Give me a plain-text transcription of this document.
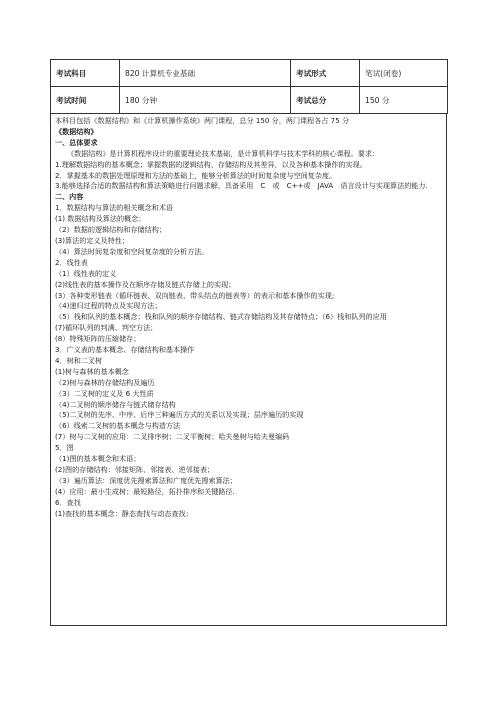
考试科目	820 计算机专业基础	考试形式	笔试(闭卷)
考试时间	180 分钟	考试总分	150 分
本科目包括《数据结构》和《计算机操作系统》两门课程，总分 150 分，两门课程各占 75 分
《数据结构》
一、总体要求
《数据结构》是计算机程序设计的重要理论技术基础，是计算机科学与技术学科的核心课程。要求：
1.理解数据结构的基本概念；掌握数据的逻辑结构、存储结构及其差异，以及各种基本操作的实现。
2．掌握基本的数据处理原理和方法的基础上，能够分析算法的时间复杂度与空间复杂度。
3.能够选择合适的数据结构和算法策略进行问题求解，具备采用　C　或　C++或　JAVA　语言设计与实现算法的能力.
二、内容
1．数据结构与算法的相关概念和术语
(1) 数据结构及算法的概念；
（2）数据的逻辑结构和存储结构；
(3)算法的定义及特性；
（4）算法时间复杂度和空间复杂度的分析方法。
2．线性表
（1）线性表的定义
(2)线性表的基本操作及在顺序存储及链式存储上的实现；
(3）各种变形链表（循环链表、双向链表、带头结点的链表等）的表示和基本操作的实现;
（4)递归过程的特点及实现方法；
（5）栈和队列的基本概念；栈和队列的顺序存储结构、链式存储结构及其存储特点；（6）栈和队列的应用
(7)循环队列的判满、判空方法；
(8）特殊矩阵的压缩储存；
3．广义表的基本概念、存储结构和基本操作
4．树和二叉树
(1)树与森林的基本概念
（2)树与森林的存储结构及遍历
（3）二叉树的定义及 6 大性质
（4)二叉树的顺序储存与链式储存结构
（5)二叉树的先序、中序、后序三种遍历方式的关系以及实现；层序遍历的实现
（6）线索二叉树的基本概念与构造方法
(7）树与二叉树的应用：二叉排序树；二叉平衡树；哈夫曼树与哈夫曼编码
5．图
（1)图的基本概念和术语；
(2)图的存储结构：邻接矩阵、邻接表、逆邻接表；
（3）遍历算法：深度优先搜索算法和广度优先搜索算法；
(4）应用：最小生成树；最短路径，拓扑排序和关键路径.
6．查找
(1)查找的基本概念：静态查找与动态查找；
